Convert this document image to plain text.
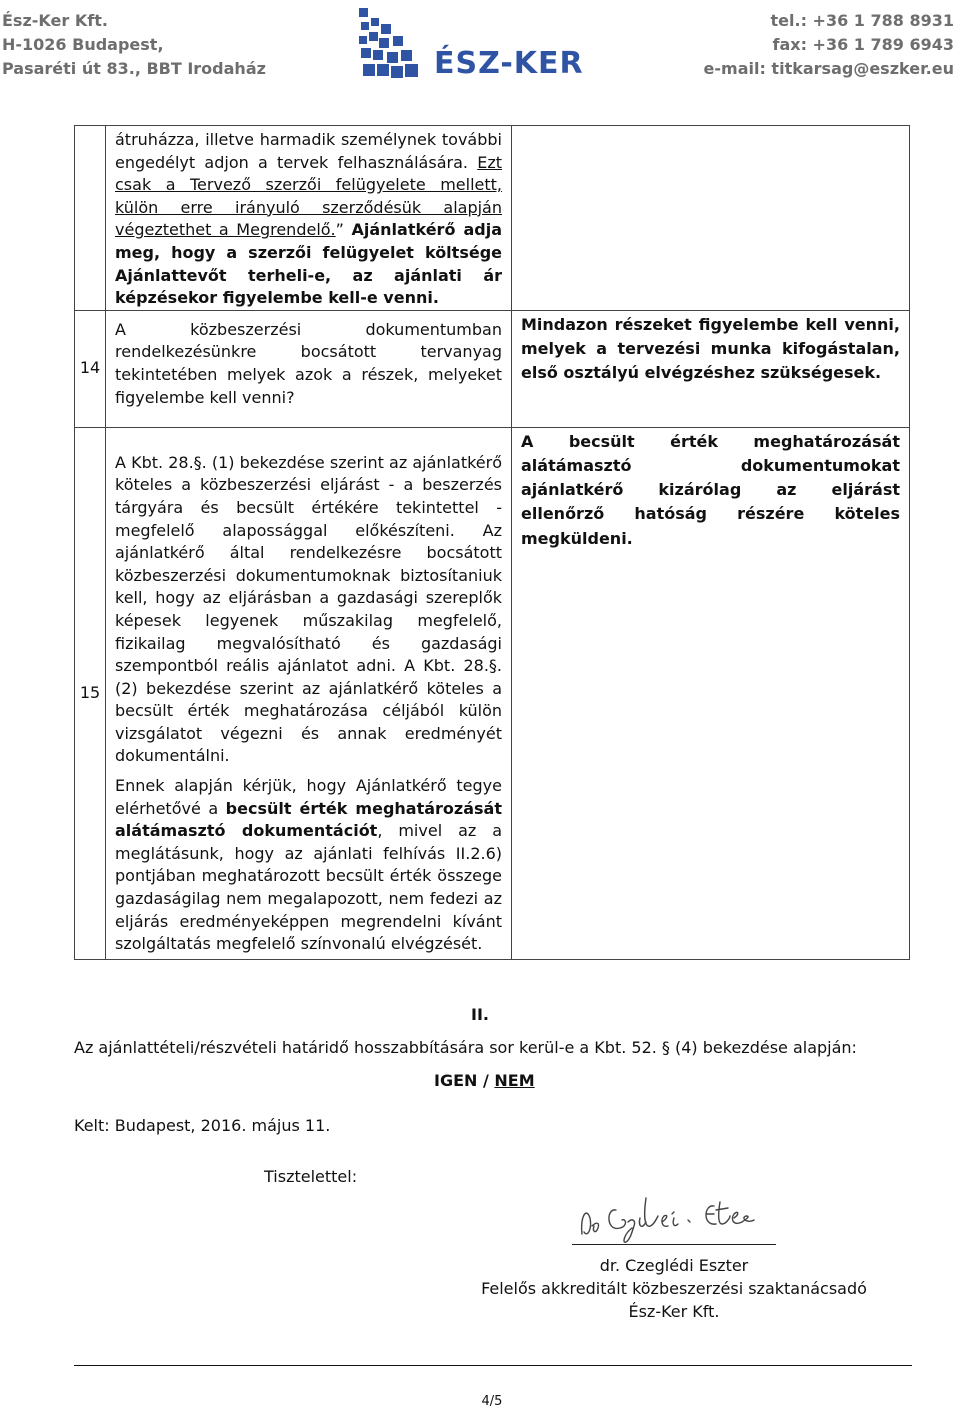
Ész-Ker Kft.
H-1026 Budapest,
Pasaréti út 83., BBT Irodaház	ÉSZ-KER
tel.: +36 1 788 8931
fax: +36 1 789 6943
e-mail: titkarsag@eszker.eu
	átruházza, illetve harmadik személynek további engedélyt adjon a tervek felhasználására. Ezt csak a Tervező szerzői felügyelete mellett, külön erre irányuló szerződésük alapján végeztethet a Megrendelő.” Ajánlatkérő adja meg, hogy a szerzői felügyelet költsége Ajánlattevőt terheli-e, az ajánlati ár képzésekor figyelembe kell-e venni.	
14	A közbeszerzési dokumentumban rendelkezésünkre bocsátott tervanyag tekintetében melyek azok a részek, melyeket figyelembe kell venni?	Mindazon részeket figyelembe kell venni, melyek a tervezési munka kifogástalan, első osztályú elvégzéshez szükségesek.
15	A Kbt. 28.§. (1) bekezdése szerint az ajánlatkérő köteles a közbeszerzési eljárást - a beszerzés tárgyára és becsült értékére tekintettel - megfelelő alapossággal előkészíteni. Az ajánlatkérő által rendelkezésre bocsátott közbeszerzési dokumentumoknak biztosítaniuk kell, hogy az eljárásban a gazdasági szereplők képesek legyenek műszakilag megfelelő, fizikailag megvalósítható és gazdasági szempontból reális ajánlatot adni. A Kbt. 28.§. (2) bekezdése szerint az ajánlatkérő köteles a becsült érték meghatározása céljából külön vizsgálatot végezni és annak eredményét dokumentálni.

Ennek alapján kérjük, hogy Ajánlatkérő tegye elérhetővé a becsült érték meghatározását alátámasztó dokumentációt, mivel az a meglátásunk, hogy az ajánlati felhívás II.2.6) pontjában meghatározott becsült érték összege gazdaságilag nem megalapozott, nem fedezi az eljárás eredményeképpen megrendelni kívánt szolgáltatás megfelelő színvonalú elvégzését.	A becsült érték meghatározását alátámasztó dokumentumokat ajánlatkérő kizárólag az eljárást ellenőrző hatóság részére köteles megküldeni.
II.
Az ajánlattételi/részvételi határidő hosszabbítására sor kerül-e a Kbt. 52. § (4) bekezdése alapján:
IGEN / NEM
Kelt: Budapest, 2016. május 11.
Tisztelettel:
dr. Czeglédi Eszter
Felelős akkreditált közbeszerzési szaktanácsadó
Ész-Ker Kft.
4/5
